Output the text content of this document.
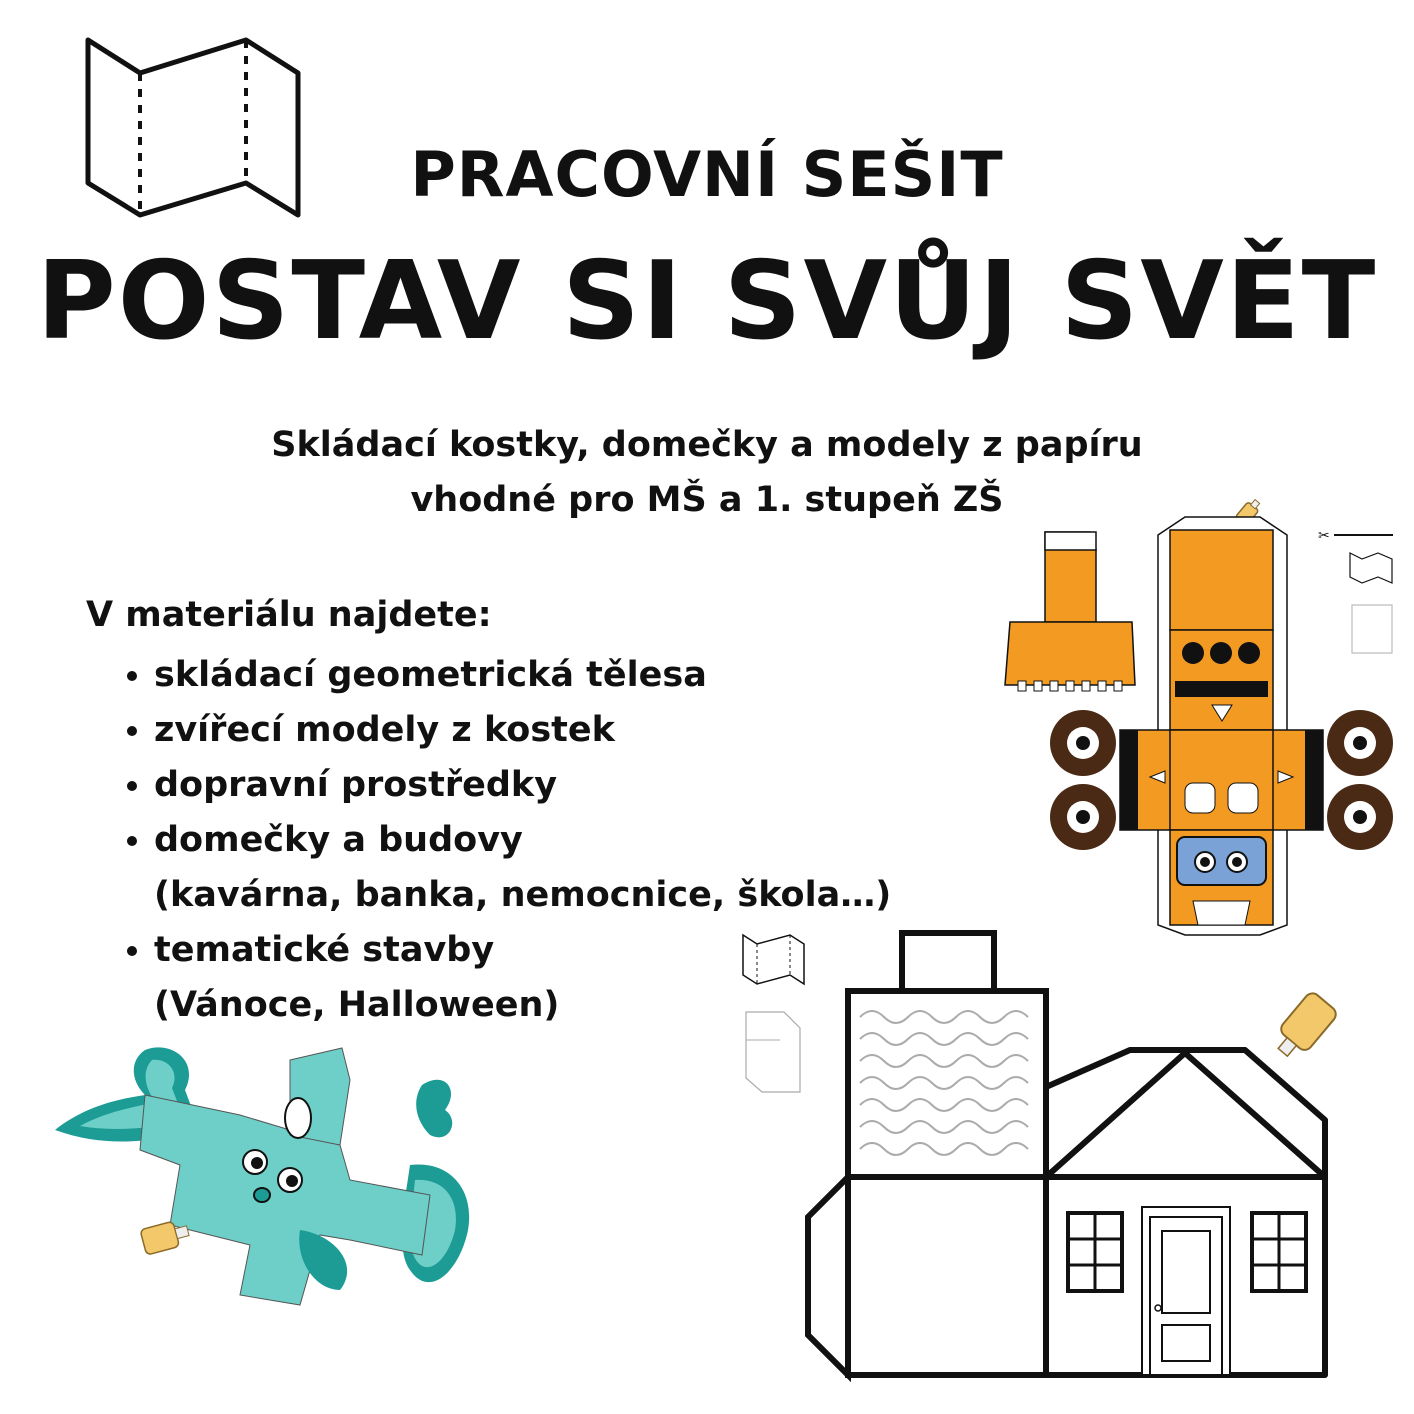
PRACOVNÍ SEŠIT
POSTAV SI SVŮJ SVĚT
Skládací kostky, domečky a modely z papíru
vhodné pro MŠ a 1. stupeň ZŠ
V materiálu najdete:
• skládací geometrická tělesa
• zvířecí modely z kostek
• dopravní prostředky
• domečky a budovy
(kavárna, banka, nemocnice, škola…)
• tematické stavby
(Vánoce, Halloween)
✂
